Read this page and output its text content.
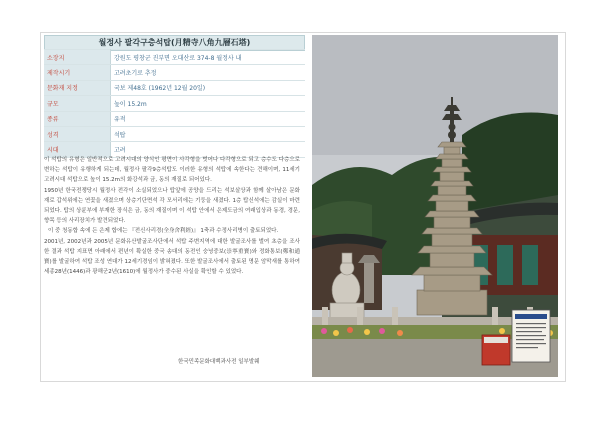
월정사 팔각구층석탑(月精寺八角九層石塔)
소장지	강원도 평창군 진부면 오대산로 374-8 월정사 내
제작시기	고려초기로 추정
문화재 지정	국보 제48호 (1962년 12월 20일)
규모	높이 15.2m
종류	유적
성격	석탑
시대	고려

이 석탑의 유형은 일반적으로 고려시대의 양식인 평면이 사각형을 벗어나 다각형으로 되고 층수도 다층으로 변하는 석탑이 유행하게 되는데, 월정사 팔각9층석탑도 이러한 유형의 석탑에 속한다는 견해이며, 11세기 고려시대 석탑으로 높이 15.2m의 화강석과 금, 동의 재질로 되어있다.

1950년 한국전쟁당시 월정사 전각이 소실되었으나 탑앞에 공양을 드리는 석보살상과 함께 살아남은 문화재로 갑석위에는 연꽃을 새겼으며 상층기단면석 각 모서리에는 기둥을 새겼다. 1층 탑신석에는 감실이 마련되었다. 탑의 상륜부에 부재한 장식은 금, 동의 재질이며 이 석탑 안에서 은제도금의 여래입상과 동경, 경문, 향목 등의 사리장치가 발견되었다.

이 중 청동합 속에 든 은제 합에는 『전신사리경(全身舍利經)』 1축과 수정사리병이 출토되었다.

2001년, 2002년과 2005년 문화유산발굴조사단에서 석탑 주변지역에 대한 발굴조사를 벌여 초층을 조사한 결과 석탑 지표면 아래에서 편년이 확실한 중국 송대의 동전인 숭녕중보(崇寧重寶)와 정화통보(鄭和通寶)를 발굴하여 석탑 조성 연대가 12세기경임이 밝혀졌다. 또한 발굴조사에서 출토된 명문 암막새를 통하여 세종28년(1446)과 광해군2년(1610)에 월정사가 중수된 사실을 확인할 수 있었다.

한국민족문화대백과사전 일부발췌
